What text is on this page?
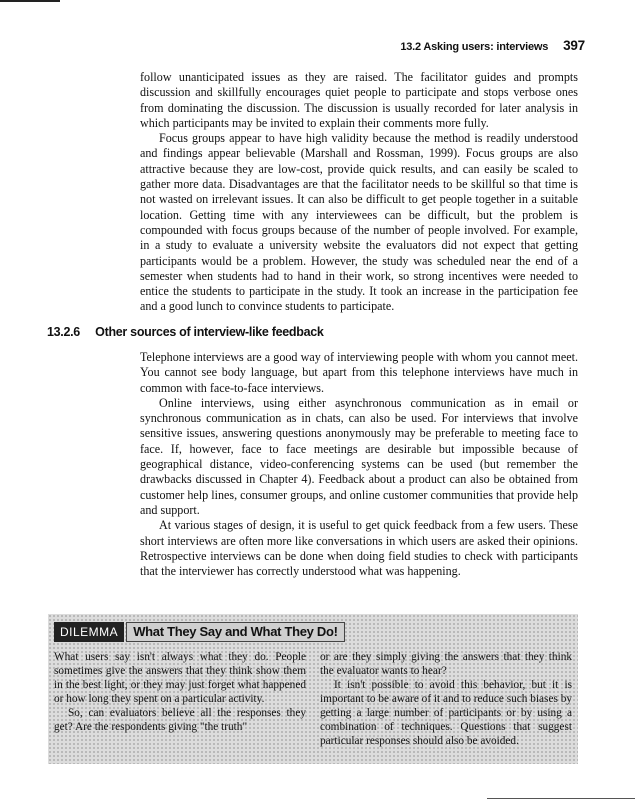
13.2 Asking users: interviews 397

follow unanticipated issues as they are raised. The facilitator guides and prompts discussion and skillfully encourages quiet people to participate and stops verbose ones from dominating the discussion. The discussion is usually recorded for later analysis in which participants may be invited to explain their comments more fully.

Focus groups appear to have high validity because the method is readily understood and findings appear believable (Marshall and Rossman, 1999). Focus groups are also attractive because they are low-cost, provide quick results, and can easily be scaled to gather more data. Disadvantages are that the facilitator needs to be skillful so that time is not wasted on irrelevant issues. It can also be difficult to get people together in a suitable location. Getting time with any interviewees can be difficult, but the problem is compounded with focus groups because of the number of people involved. For example, in a study to evaluate a university website the evaluators did not expect that getting participants would be a problem. However, the study was scheduled near the end of a semester when students had to hand in their work, so strong incentives were needed to entice the students to participate in the study. It took an increase in the participation fee and a good lunch to convince students to participate.

13.2.6 Other sources of interview-like feedback

Telephone interviews are a good way of interviewing people with whom you cannot meet. You cannot see body language, but apart from this telephone interviews have much in common with face-to-face interviews.

Online interviews, using either asynchronous communication as in email or synchronous communication as in chats, can also be used. For interviews that involve sensitive issues, answering questions anonymously may be preferable to meeting face to face. If, however, face to face meetings are desirable but impossible because of geographical distance, video-conferencing systems can be used (but remember the drawbacks discussed in Chapter 4). Feedback about a product can also be obtained from customer help lines, consumer groups, and online customer communities that provide help and support.

At various stages of design, it is useful to get quick feedback from a few users. These short interviews are often more like conversations in which users are asked their opinions. Retrospective interviews can be done when doing field studies to check with participants that the interviewer has correctly understood what was happening.

DILEMMA	What They Say and What They Do!

What users say isn't always what they do. People sometimes give the answers that they think show them in the best light, or they may just forget what happened or how long they spent on a particular activity.

So, can evaluators believe all the responses they get? Are the respondents giving "the truth"

or are they simply giving the answers that they think the evaluator wants to hear?

It isn't possible to avoid this behavior, but it is important to be aware of it and to reduce such biases by getting a large number of participants or by using a combination of techniques. Questions that suggest particular responses should also be avoided.
